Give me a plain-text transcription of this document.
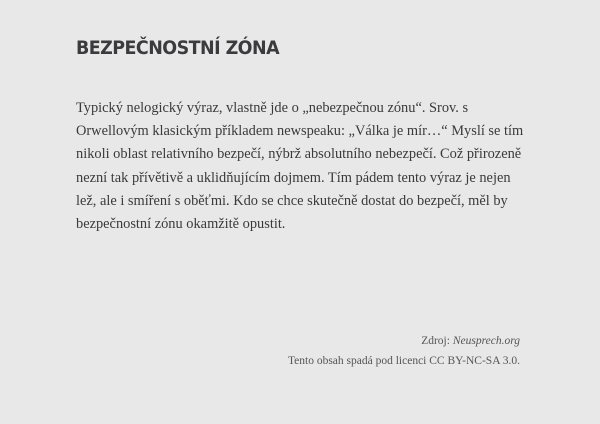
BEZPEČNOSTNÍ ZÓNA
Typický nelogický výraz, vlastně jde o „nebezpečnou zónu“. Srov. s
Orwellovým klasickým příkladem newspeaku: „Válka je mír…“ Myslí se tím
nikoli oblast relativního bezpečí, nýbrž absolutního nebezpečí. Což přirozeně
nezní tak přívětivě a uklidňujícím dojmem. Tím pádem tento výraz je nejen
lež, ale i smíření s oběťmi. Kdo se chce skutečně dostat do bezpečí, měl by
bezpečnostní zónu okamžitě opustit.
Zdroj: Neusprech.org
Tento obsah spadá pod licenci CC BY-NC-SA 3.0.
